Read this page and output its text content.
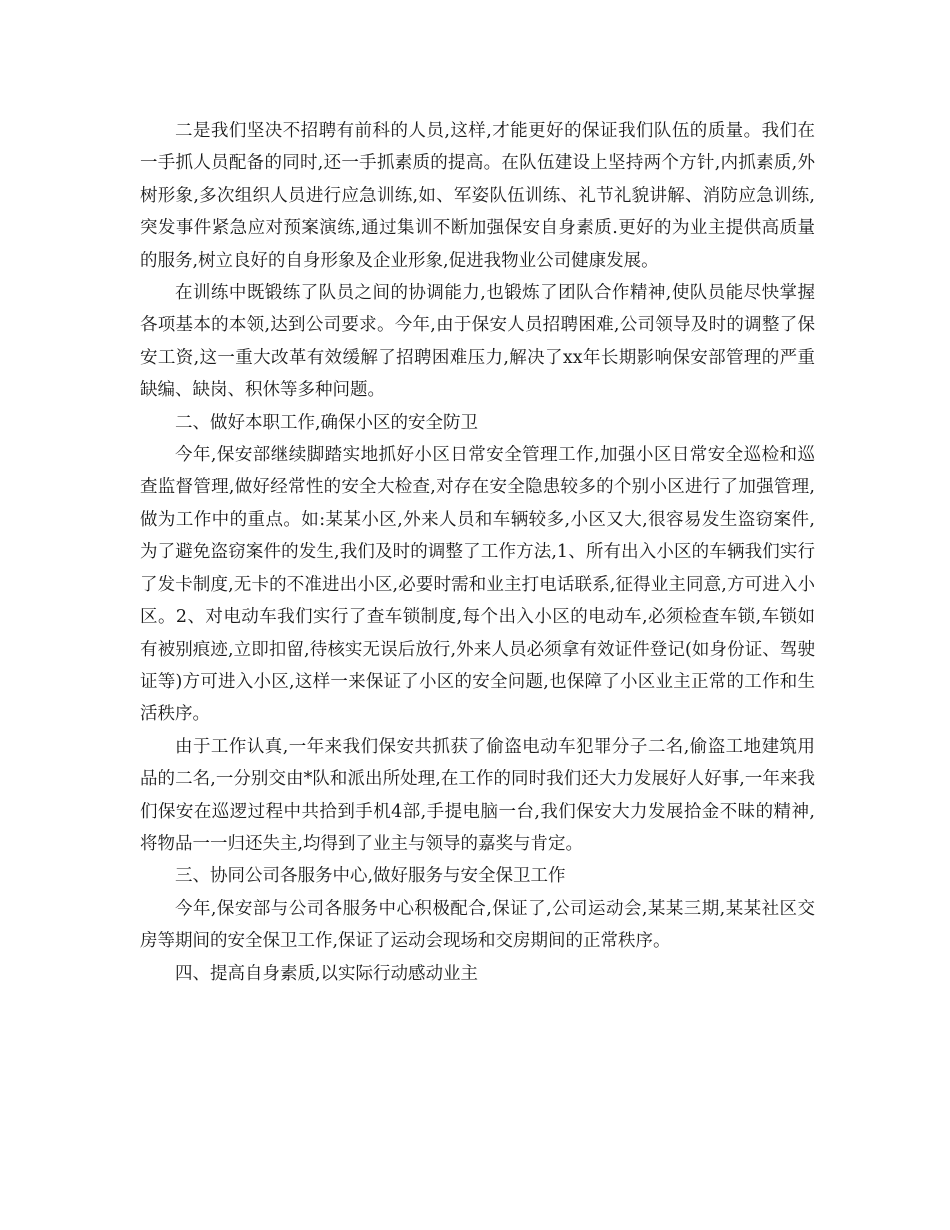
二是我们坚决不招聘有前科的人员,这样,才能更好的保证我们队伍的质量。我们在一手抓人员配备的同时,还一手抓素质的提高。在队伍建设上坚持两个方针,内抓素质,外树形象,多次组织人员进行应急训练,如、军姿队伍训练、礼节礼貌讲解、消防应急训练,突发事件紧急应对预案演练,通过集训不断加强保安自身素质.更好的为业主提供高质量的服务,树立良好的自身形象及企业形象,促进我物业公司健康发展。

在训练中既锻练了队员之间的协调能力,也锻炼了团队合作精神,使队员能尽快掌握各项基本的本领,达到公司要求。今年,由于保安人员招聘困难,公司领导及时的调整了保安工资,这一重大改革有效缓解了招聘困难压力,解决了xx年长期影响保安部管理的严重缺编、缺岗、积休等多种问题。

二、做好本职工作,确保小区的安全防卫

今年,保安部继续脚踏实地抓好小区日常安全管理工作,加强小区日常安全巡检和巡查监督管理,做好经常性的安全大检查,对存在安全隐患较多的个别小区进行了加强管理,做为工作中的重点。如:某某小区,外来人员和车辆较多,小区又大,很容易发生盗窃案件,为了避免盗窃案件的发生,我们及时的调整了工作方法,1、所有出入小区的车辆我们实行了发卡制度,无卡的不准进出小区,必要时需和业主打电话联系,征得业主同意,方可进入小区。2、对电动车我们实行了查车锁制度,每个出入小区的电动车,必须检查车锁,车锁如有被别痕迹,立即扣留,待核实无误后放行,外来人员必须拿有效证件登记(如身份证、驾驶证等)方可进入小区,这样一来保证了小区的安全问题,也保障了小区业主正常的工作和生活秩序。

由于工作认真,一年来我们保安共抓获了偷盗电动车犯罪分子二名,偷盗工地建筑用品的二名,一分别交由*队和派出所处理,在工作的同时我们还大力发展好人好事,一年来我们保安在巡逻过程中共拾到手机4部,手提电脑一台,我们保安大力发展拾金不昧的精神,将物品一一归还失主,均得到了业主与领导的嘉奖与肯定。

三、协同公司各服务中心,做好服务与安全保卫工作

今年,保安部与公司各服务中心积极配合,保证了,公司运动会,某某三期,某某社区交房等期间的安全保卫工作,保证了运动会现场和交房期间的正常秩序。

四、提高自身素质,以实际行动感动业主
